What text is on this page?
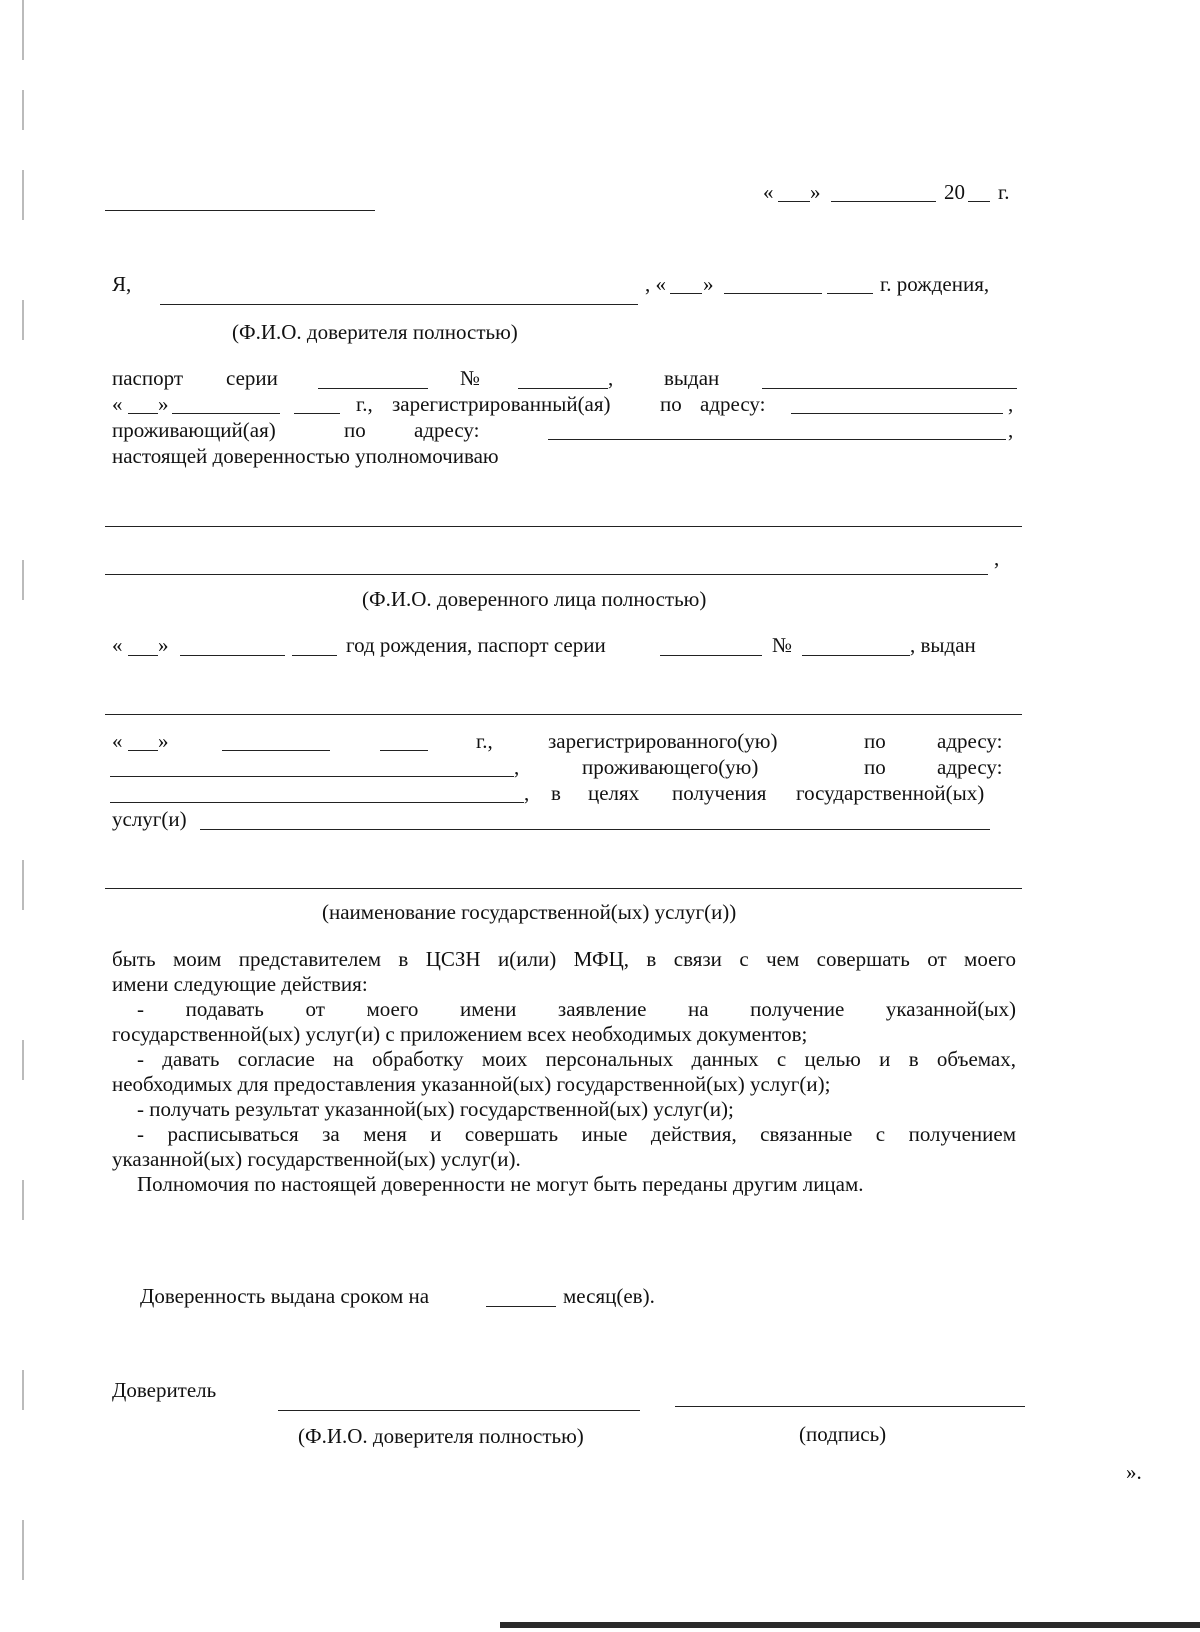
« »	20 г.
Я,	, « »	г. рождения,
(Ф.И.О. доверителя полностью)
паспорт серии	№	, выдан
« »	г., зарегистрированный(ая) по адресу:	,
проживающий(ая)	по адресу:	,
настоящей доверенностью уполномочиваю
,
(Ф.И.О. доверенного лица полностью)
« »	год рождения, паспорт серии	№	, выдан
« »	г.,	зарегистрированного(ую)	по адресу:
,	проживающего(ую)	по адресу:
, в целях получения государственной(ых)
услуг(и)
(наименование государственной(ых) услуг(и))

быть моим представителем в ЦСЗН и(или) МФЦ, в связи с чем совершать от моего

имени следующие действия:

- подавать от моего имени заявление на получение указанной(ых)

государственной(ых) услуг(и) с приложением всех необходимых документов;

- давать согласие на обработку моих персональных данных с целью и в объемах,

необходимых для предоставления указанной(ых) государственной(ых) услуг(и);

- получать результат указанной(ых) государственной(ых) услуг(и);

- расписываться за меня и совершать иные действия, связанные с получением

указанной(ых) государственной(ых) услуг(и).

Полномочия по настоящей доверенности не могут быть переданы другим лицам.

Доверенность выдана сроком на	месяц(ев).
Доверитель
(Ф.И.О. доверителя полностью)	(подпись)
».
